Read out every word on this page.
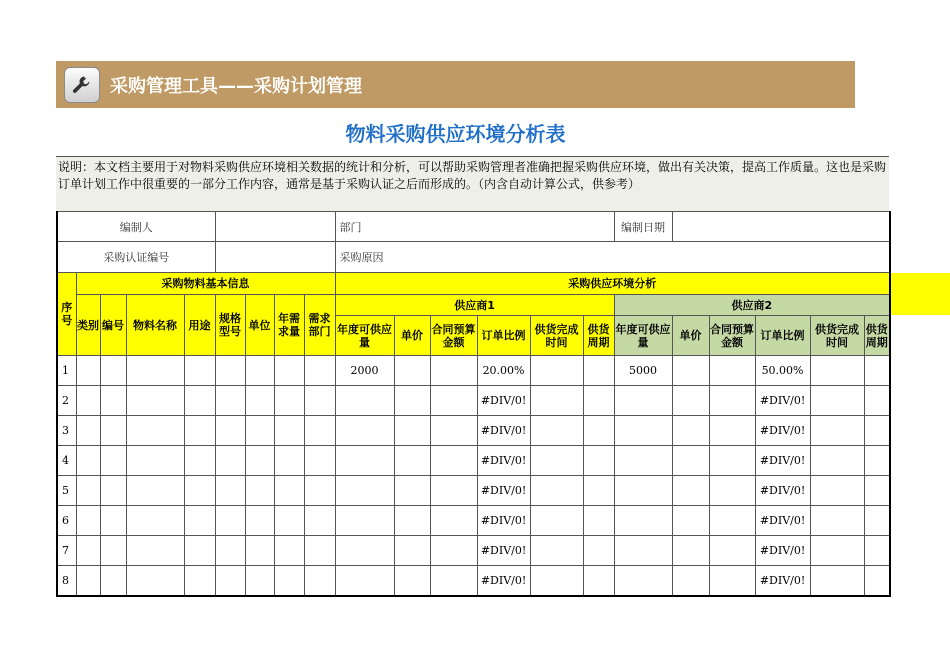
采购管理工具——采购计划管理
物料采购供应环境分析表
说明：本文档主要用于对物料采购供应环境相关数据的统计和分析，可以帮助采购管理者准确把握采购供应环境，做出有关决策，提高工作质量。这也是采购订单计划工作中很重要的一部分工作内容，通常是基于采购认证之后而形成的。（内含自动计算公式，供参考）
编制人									部门						编制日期					
采购认证编号									采购原因											
序号	采购物料基本信息								采购供应环境分析											
	类别	编号	物料名称	用途	规格型号	单位	年需求量	需求部门	供应商1						供应商2					
									年度可供应量	单价	合同预算金额	订单比例	供货完成时间	供货周期	年度可供应量	单价	合同预算金额	订单比例	供货完成时间	供货周期
1									2000			20.00%			5000			50.00%		
2												#DIV/0!						#DIV/0!		
3												#DIV/0!						#DIV/0!		
4												#DIV/0!						#DIV/0!		
5												#DIV/0!						#DIV/0!		
6												#DIV/0!						#DIV/0!		
7												#DIV/0!						#DIV/0!		
8												#DIV/0!						#DIV/0!		
